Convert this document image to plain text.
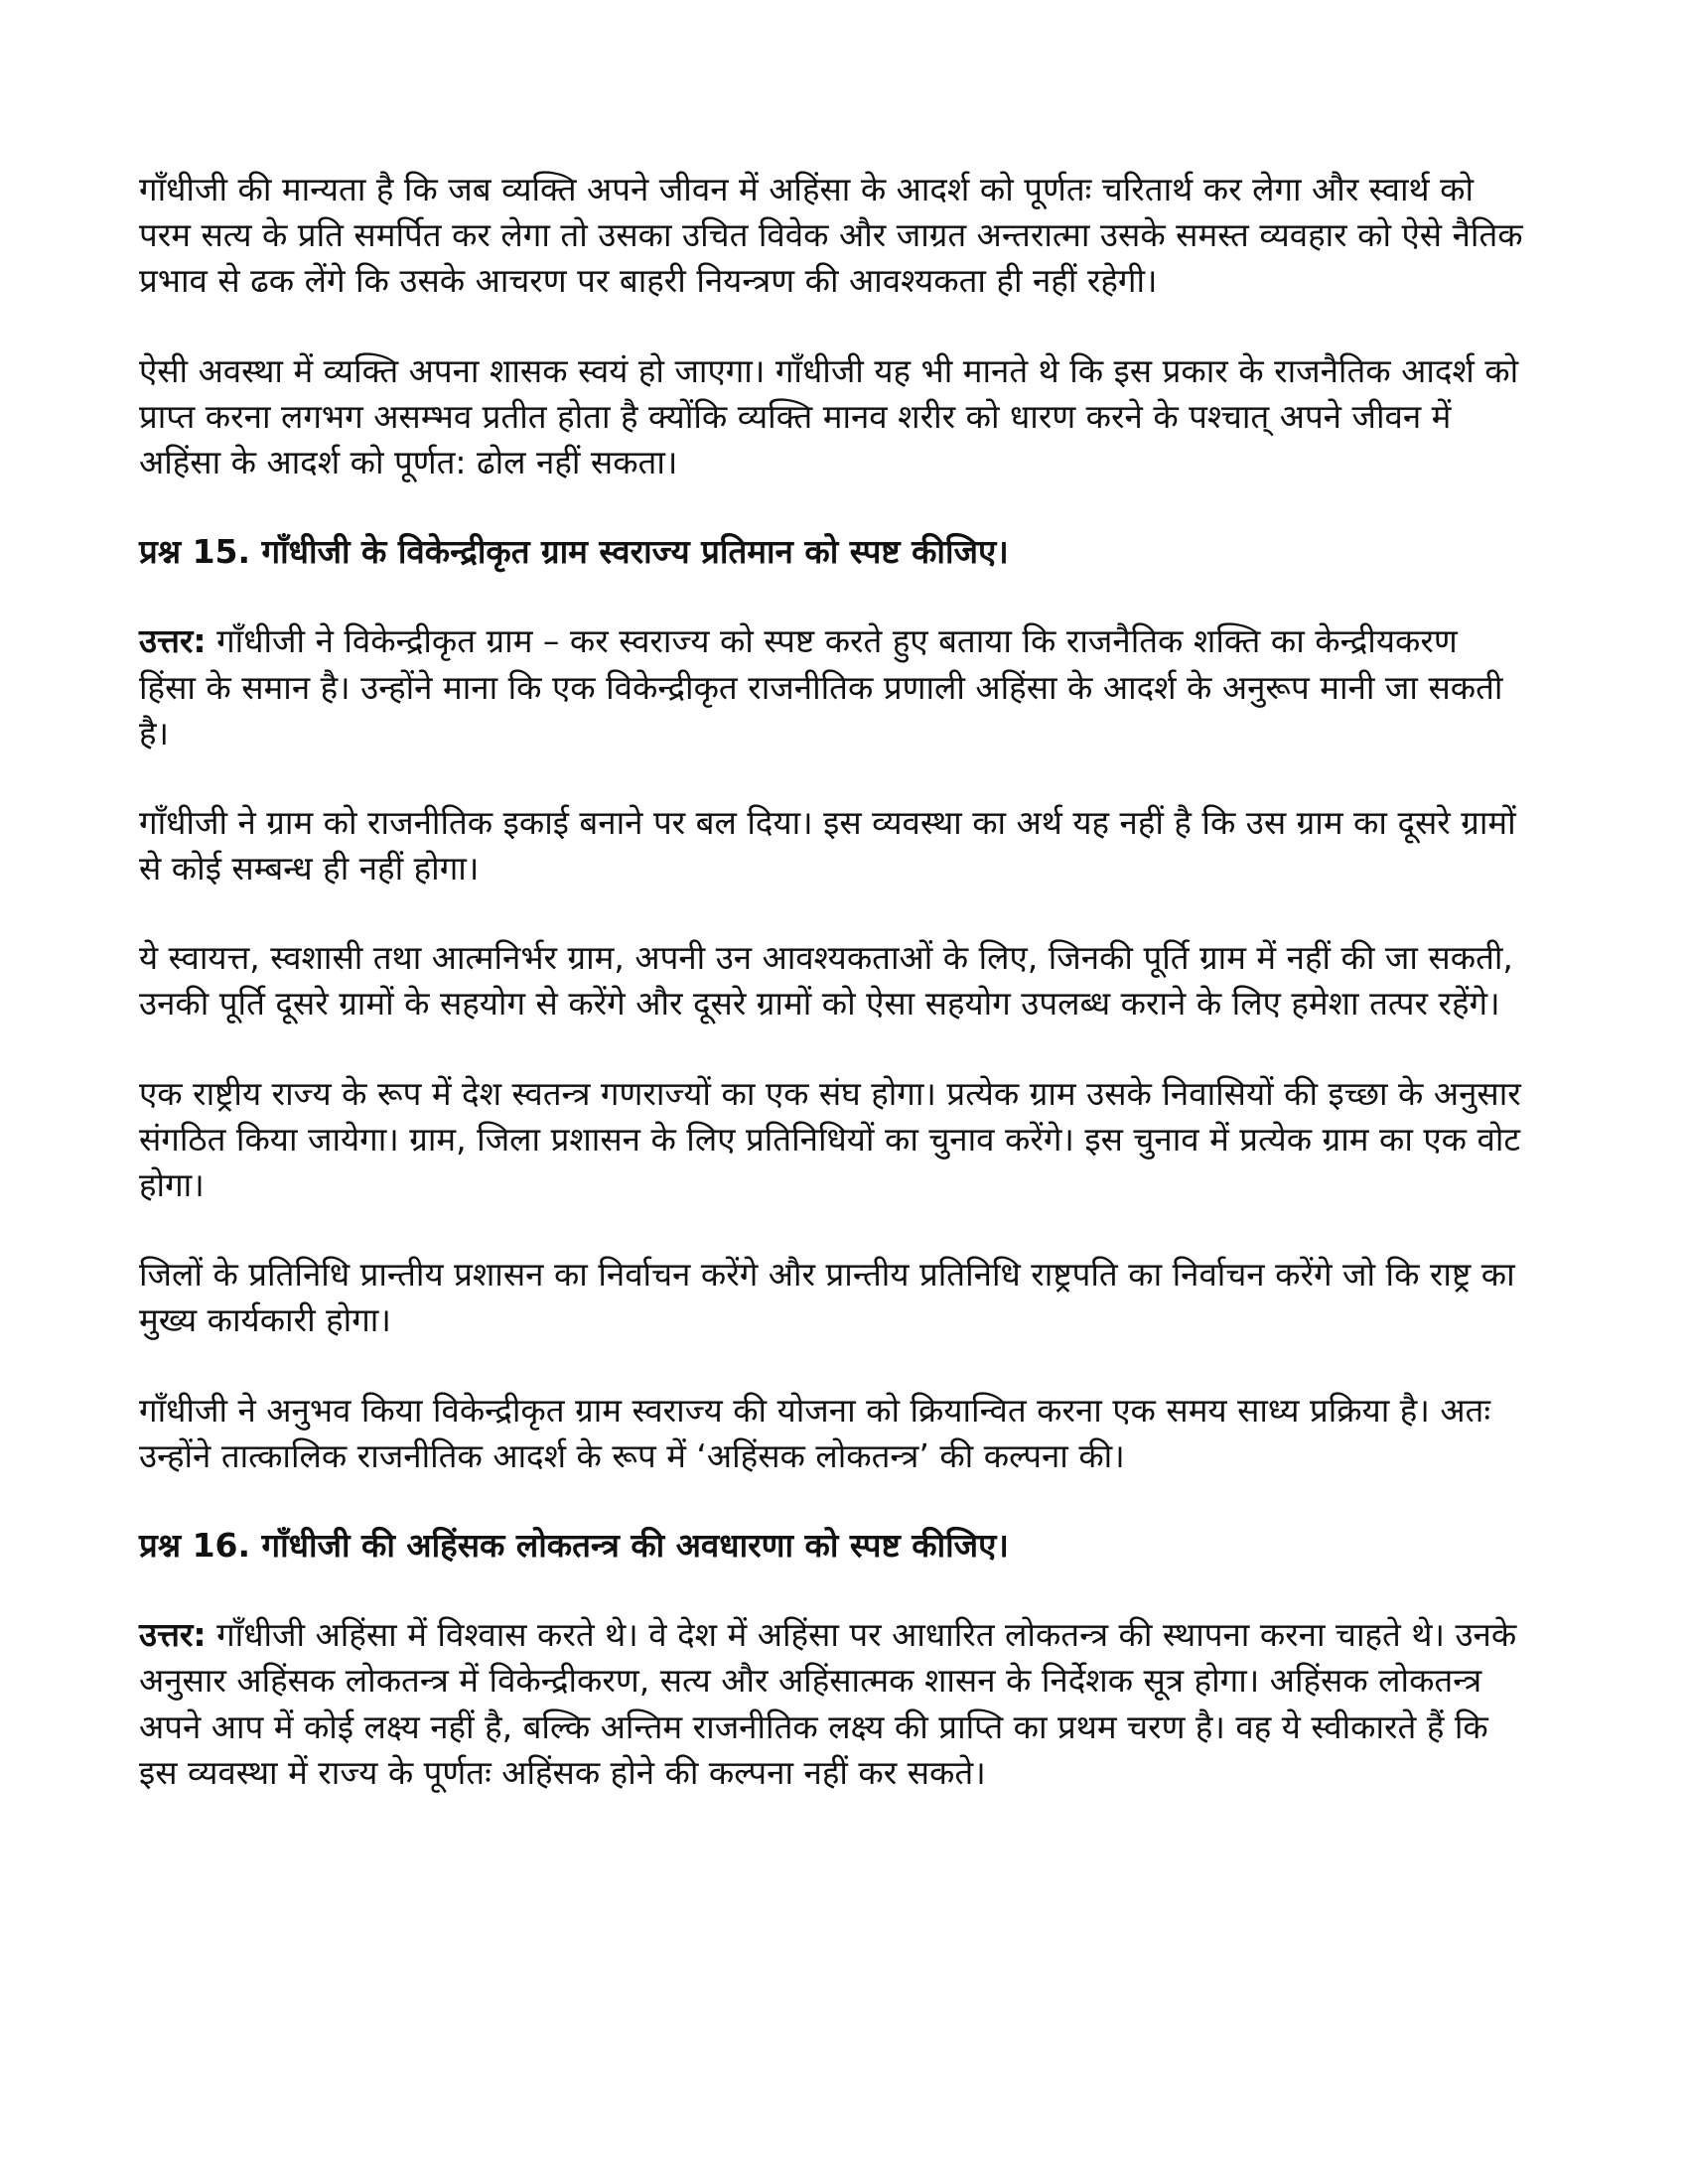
गाँधीजी की मान्यता है कि जब व्यक्ति अपने जीवन में अहिंसा के आदर्श को पूर्णतः चरितार्थ कर लेगा और स्वार्थ को परम सत्य के प्रति समर्पित कर लेगा तो उसका उचित विवेक और जाग्रत अन्तरात्मा उसके समस्त व्यवहार को ऐसे नैतिक प्रभाव से ढक लेंगे कि उसके आचरण पर बाहरी नियन्त्रण की आवश्यकता ही नहीं रहेगी।

ऐसी अवस्था में व्यक्ति अपना शासक स्वयं हो जाएगा। गाँधीजी यह भी मानते थे कि इस प्रकार के राजनैतिक आदर्श को प्राप्त करना लगभग असम्भव प्रतीत होता है क्योंकि व्यक्ति मानव शरीर को धारण करने के पश्चात् अपने जीवन में अहिंसा के आदर्श को पूर्णत: ढोल नहीं सकता।

प्रश्न 15. गाँधीजी के विकेन्द्रीकृत ग्राम स्वराज्य प्रतिमान को स्पष्ट कीजिए।

उत्तर: गाँधीजी ने विकेन्द्रीकृत ग्राम – कर स्वराज्य को स्पष्ट करते हुए बताया कि राजनैतिक शक्ति का केन्द्रीयकरण हिंसा के समान है। उन्होंने माना कि एक विकेन्द्रीकृत राजनीतिक प्रणाली अहिंसा के आदर्श के अनुरूप मानी जा सकती है।

गाँधीजी ने ग्राम को राजनीतिक इकाई बनाने पर बल दिया। इस व्यवस्था का अर्थ यह नहीं है कि उस ग्राम का दूसरे ग्रामों से कोई सम्बन्ध ही नहीं होगा।

ये स्वायत्त, स्वशासी तथा आत्मनिर्भर ग्राम, अपनी उन आवश्यकताओं के लिए, जिनकी पूर्ति ग्राम में नहीं की जा सकती, उनकी पूर्ति दूसरे ग्रामों के सहयोग से करेंगे और दूसरे ग्रामों को ऐसा सहयोग उपलब्ध कराने के लिए हमेशा तत्पर रहेंगे।

एक राष्ट्रीय राज्य के रूप में देश स्वतन्त्र गणराज्यों का एक संघ होगा। प्रत्येक ग्राम उसके निवासियों की इच्छा के अनुसार संगठित किया जायेगा। ग्राम, जिला प्रशासन के लिए प्रतिनिधियों का चुनाव करेंगे। इस चुनाव में प्रत्येक ग्राम का एक वोट होगा।

जिलों के प्रतिनिधि प्रान्तीय प्रशासन का निर्वाचन करेंगे और प्रान्तीय प्रतिनिधि राष्ट्रपति का निर्वाचन करेंगे जो कि राष्ट्र का मुख्य कार्यकारी होगा।

गाँधीजी ने अनुभव किया विकेन्द्रीकृत ग्राम स्वराज्य की योजना को क्रियान्वित करना एक समय साध्य प्रक्रिया है। अतः उन्होंने तात्कालिक राजनीतिक आदर्श के रूप में ‘अहिंसक लोकतन्त्र’ की कल्पना की।

प्रश्न 16. गाँधीजी की अहिंसक लोकतन्त्र की अवधारणा को स्पष्ट कीजिए।

उत्तर: गाँधीजी अहिंसा में विश्वास करते थे। वे देश में अहिंसा पर आधारित लोकतन्त्र की स्थापना करना चाहते थे। उनके अनुसार अहिंसक लोकतन्त्र में विकेन्द्रीकरण, सत्य और अहिंसात्मक शासन के निर्देशक सूत्र होगा। अहिंसक लोकतन्त्र अपने आप में कोई लक्ष्य नहीं है, बल्कि अन्तिम राजनीतिक लक्ष्य की प्राप्ति का प्रथम चरण है। वह ये स्वीकारते हैं कि इस व्यवस्था में राज्य के पूर्णतः अहिंसक होने की कल्पना नहीं कर सकते।
